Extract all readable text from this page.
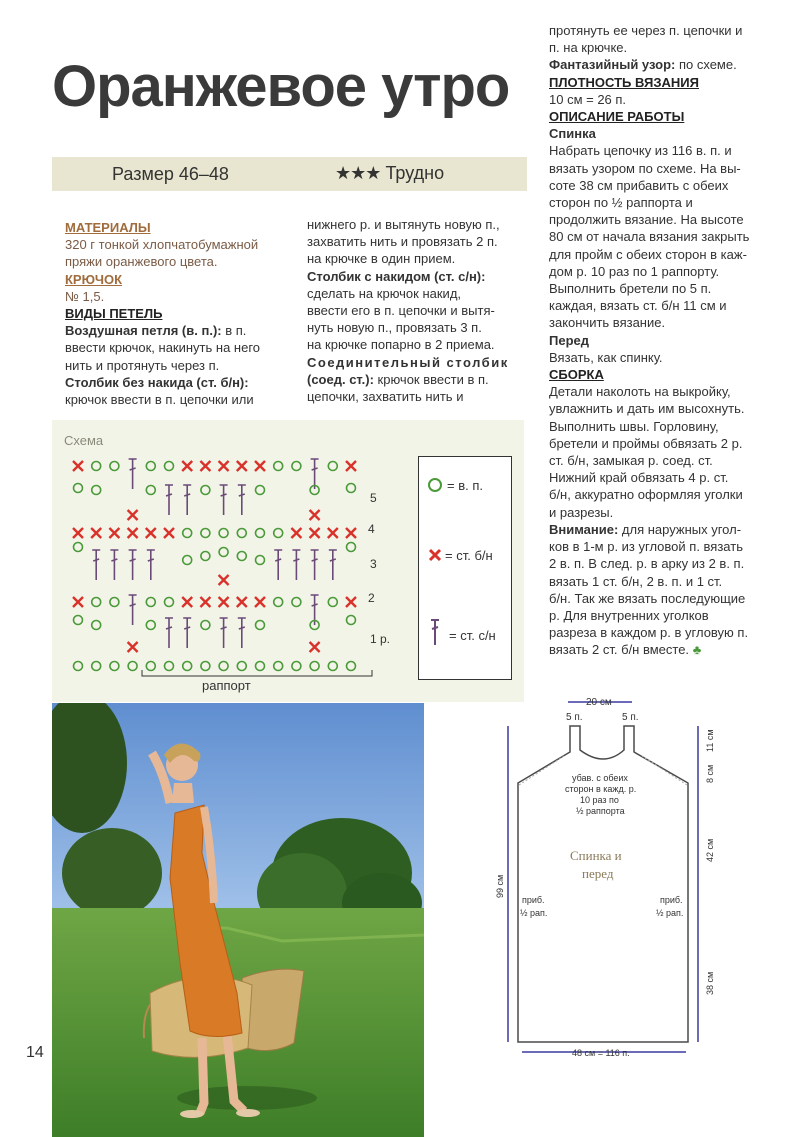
Оранжевое утро
Размер 46–48	★★★ Трудно

МАТЕРИАЛЫ

320 г тонкой хлопчатобумажной

пряжи оранжевого цвета.

КРЮЧОК

№ 1,5.

ВИДЫ ПЕТЕЛЬ

Воздушная петля (в. п.): в п.

ввести крючок, накинуть на него

нить и протянуть через п.

Столбик без накида (ст. б/н):

крючок ввести в п. цепочки или

нижнего р. и вытянуть новую п.,

захватить нить и провязать 2 п.

на крючке в один прием.

Столбик с накидом (ст. с/н):

сделать на крючок накид,

ввести его в п. цепочки и вытя-

нуть новую п., провязать 3 п.

на крючке попарно в 2 приема.

Соединительный столбик

(соед. ст.): крючок ввести в п.

цепочки, захватить нить и

протянуть ее через п. цепочки и

п. на крючке.

Фантазийный узор: по схеме.

ПЛОТНОСТЬ ВЯЗАНИЯ

10 см = 26 п.

ОПИСАНИЕ РАБОТЫ

Спинка

Набрать цепочку из 116 в. п. и

вязать узором по схеме. На вы-

соте 38 см прибавить с обеих

сторон по ½ раппорта и

продолжить вязание. На высоте

80 см от начала вязания закрыть

для пройм с обеих сторон в каж-

дом р. 10 раз по 1 раппорту.

Выполнить бретели по 5 п.

каждая, вязать ст. б/н 11 см и

закончить вязание.

Перед

Вязать, как спинку.

СБОРКА

Детали наколоть на выкройку,

увлажнить и дать им высохнуть.

Выполнить швы. Горловину,

бретели и проймы обвязать 2 р.

ст. б/н, замыкая р. соед. ст.

Нижний край обвязать 4 р. ст.

б/н, аккуратно оформляя уголки

и разрезы.

Внимание: для наружных угол-

ков в 1-м р. из угловой п. вязать

2 в. п. В след. р. в арку из 2 в. п.

вязать 1 ст. б/н, 2 в. п. и 1 ст.

б/н. Так же вязать последующие

р. Для внутренних уголков

разреза в каждом р. в угловую п.

вязать 2 ст. б/н вместе. ♣

Схема
5
4
3
2
1 р.
раппорт
= в. п.
= ст. б/н
= ст. с/н
14
20 см
5 п.	5 п.
убав. с обеих
сторон в кажд. р.
10 раз по
½ раппорта
Спинка и
перед
приб.
½ рап.
приб.
½ рап.
99 см
11 см
8 см
42 см
38 см
48 см = 116 п.
